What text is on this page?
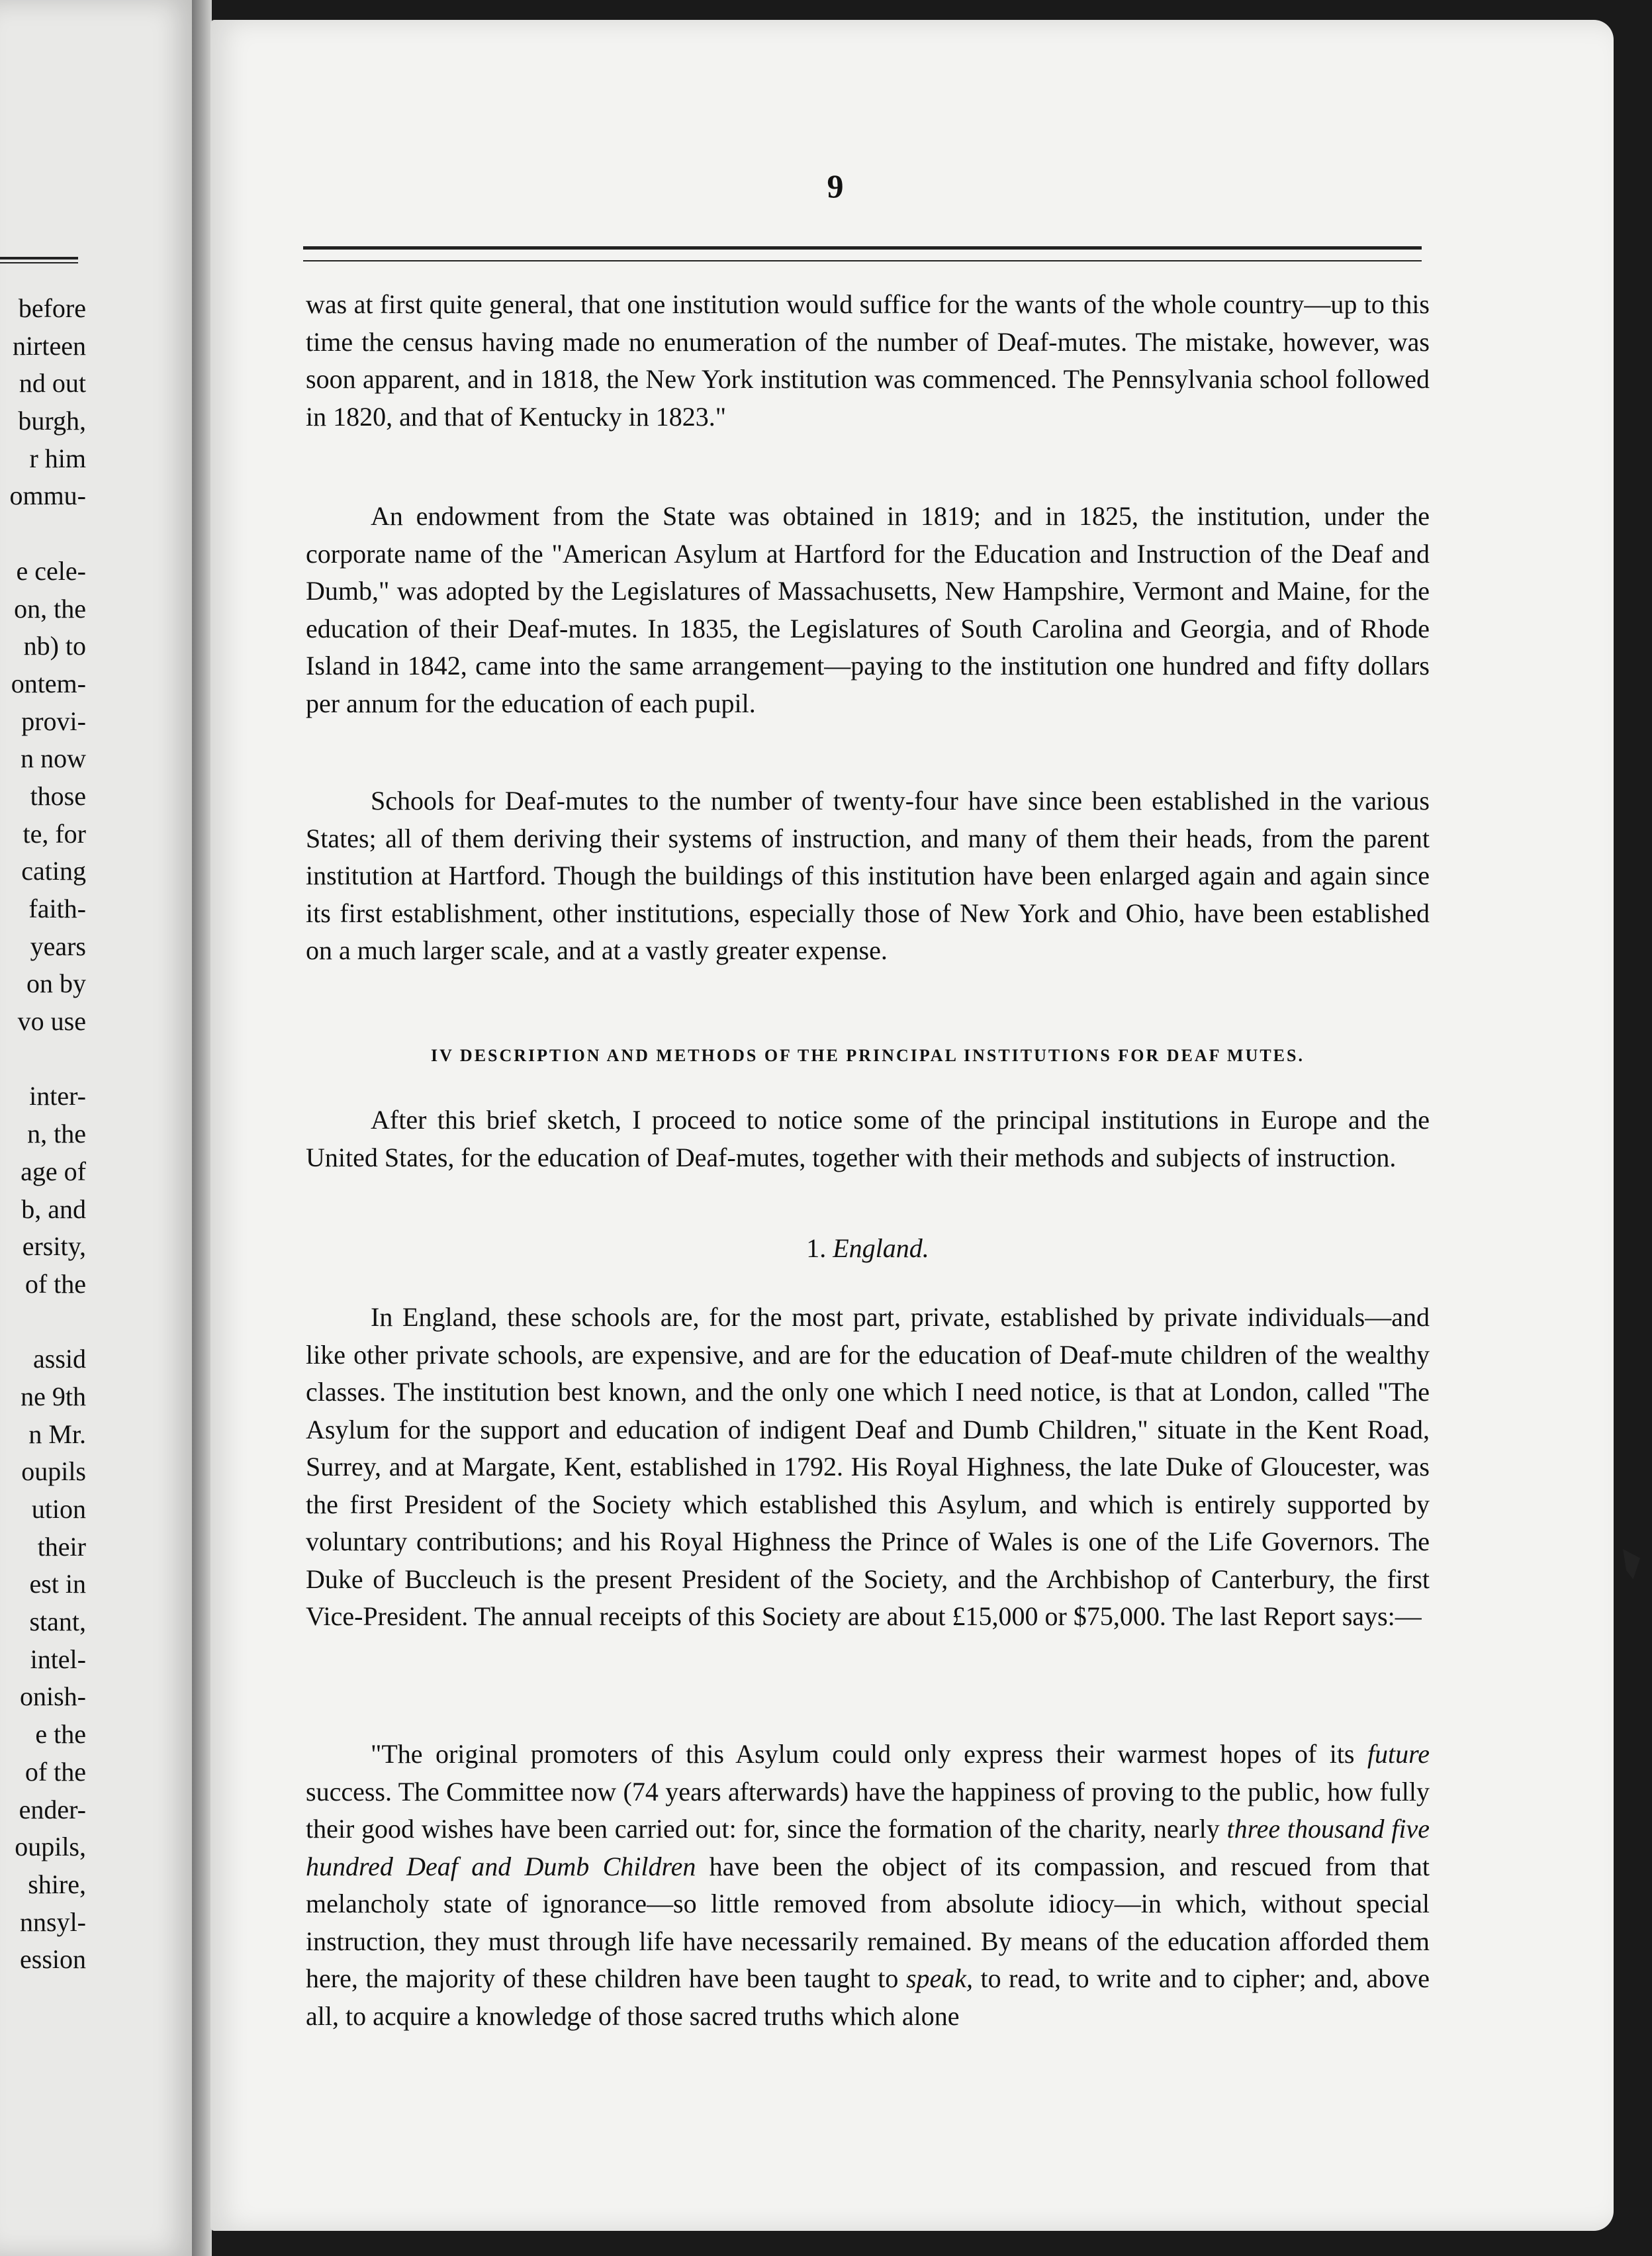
before
nirteen
nd out
burgh,
r him
ommu-
e cele-
on, the
nb) to
ontem-
provi-
n now
those
te, for
cating
faith-
years
on by
vo use
inter-
n, the
age of
b, and
ersity,
of the
assid
ne 9th
n Mr.
oupils
ution
their
est in
stant,
intel-
onish-
e the
of the
ender-
oupils,
shire,
nnsyl-
ession
9
was at first quite general, that one institution would suffice for the wants of the whole country—up to this time the census having made no enumeration of the number of Deaf-mutes. The mistake, however, was soon apparent, and in 1818, the New York institution was commenced. The Pennsylvania school followed in 1820, and that of Kentucky in 1823."
An endowment from the State was obtained in 1819; and in 1825, the institution, under the corporate name of the "American Asylum at Hartford for the Education and Instruction of the Deaf and Dumb," was adopted by the Legislatures of Massachusetts, New Hampshire, Vermont and Maine, for the education of their Deaf-mutes. In 1835, the Legislatures of South Carolina and Georgia, and of Rhode Island in 1842, came into the same arrangement—paying to the institution one hundred and fifty dollars per annum for the education of each pupil.
Schools for Deaf-mutes to the number of twenty-four have since been established in the various States; all of them deriving their systems of instruction, and many of them their heads, from the parent institution at Hartford. Though the buildings of this institution have been enlarged again and again since its first establishment, other institutions, especially those of New York and Ohio, have been established on a much larger scale, and at a vastly greater expense.
IV DESCRIPTION AND METHODS OF THE PRINCIPAL INSTITUTIONS FOR DEAF MUTES.
After this brief sketch, I proceed to notice some of the principal institutions in Europe and the United States, for the education of Deaf-mutes, together with their methods and subjects of instruction.
1. England.
In England, these schools are, for the most part, private, established by private individuals—and like other private schools, are expensive, and are for the education of Deaf-mute children of the wealthy classes. The institution best known, and the only one which I need notice, is that at London, called "The Asylum for the support and education of indigent Deaf and Dumb Children," situate in the Kent Road, Surrey, and at Margate, Kent, established in 1792. His Royal Highness, the late Duke of Gloucester, was the first President of the Society which established this Asylum, and which is entirely supported by voluntary contributions; and his Royal Highness the Prince of Wales is one of the Life Governors. The Duke of Buccleuch is the present President of the Society, and the Archbishop of Canterbury, the first Vice-President. The annual receipts of this Society are about £15,000 or $75,000. The last Report says:—
"The original promoters of this Asylum could only express their warmest hopes of its future success. The Committee now (74 years afterwards) have the happiness of proving to the public, how fully their good wishes have been carried out: for, since the formation of the charity, nearly three thousand five hundred Deaf and Dumb Children have been the object of its compassion, and rescued from that melancholy state of ignorance—so little removed from absolute idiocy—in which, without special instruction, they must through life have necessarily remained. By means of the education afforded them here, the majority of these children have been taught to speak, to read, to write and to cipher; and, above all, to acquire a knowledge of those sacred truths which alone
